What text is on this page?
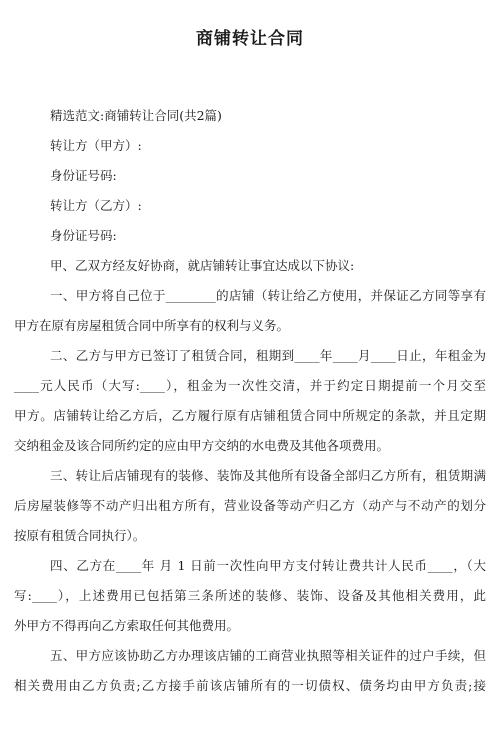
商铺转让合同
精选范文:商铺转让合同(共2篇)
转让方（甲方）:
身份证号码:
转让方（乙方）:
身份证号码:
甲、乙双方经友好协商，就店铺转让事宜达成以下协议:
一、甲方将自己位于________的店铺（转让给乙方使用，并保证乙方同等享有
甲方在原有房屋租赁合同中所享有的权利与义务。
二、乙方与甲方已签订了租赁合同，租期到____年____月____日止，年租金为
____元人民币（大写:____），租金为一次性交清，并于约定日期提前一个月交至
甲方。店铺转让给乙方后，乙方履行原有店铺租赁合同中所规定的条款，并且定期
交纳租金及该合同所约定的应由甲方交纳的水电费及其他各项费用。
三、转让后店铺现有的装修、装饰及其他所有设备全部归乙方所有，租赁期满
后房屋装修等不动产归出租方所有，营业设备等动产归乙方（动产与不动产的划分
按原有租赁合同执行）。
四、乙方在____年 月 1 日前一次性向甲方支付转让费共计人民币____，（大
写:____），上述费用已包括第三条所述的装修、装饰、设备及其他相关费用，此
外甲方不得再向乙方索取任何其他费用。
五、甲方应该协助乙方办理该店铺的工商营业执照等相关证件的过户手续，但
相关费用由乙方负责;乙方接手前该店铺所有的一切债权、债务均由甲方负责;接
